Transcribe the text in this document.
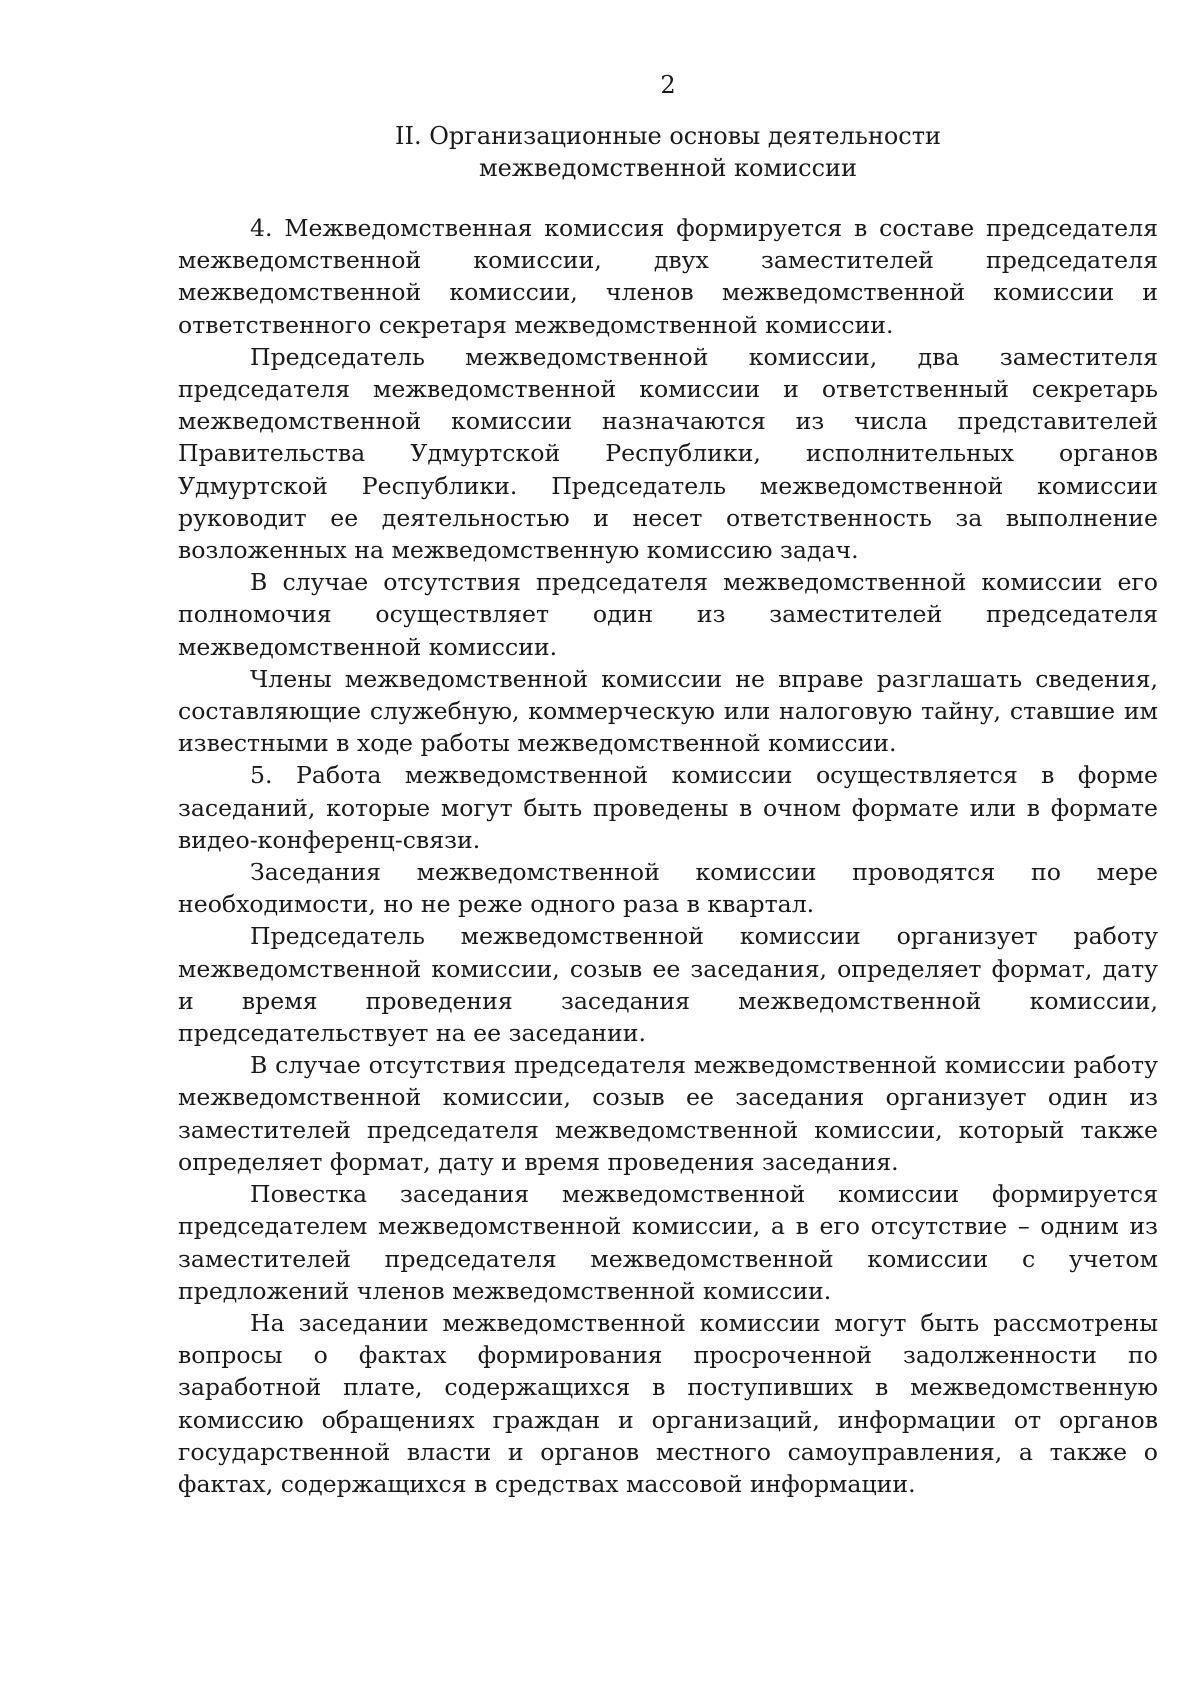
2
II. Организационные основы деятельности
межведомственной комиссии

4. Межведомственная комиссия формируется в составе председателя межведомственной комиссии, двух заместителей председателя межведомственной комиссии, членов межведомственной комиссии и ответственного секретаря межведомственной комиссии.

Председатель межведомственной комиссии, два заместителя председателя межведомственной комиссии и ответственный секретарь межведомственной комиссии назначаются из числа представителей Правительства Удмуртской Республики, исполнительных органов Удмуртской Республики. Председатель межведомственной комиссии руководит ее деятельностью и несет ответственность за выполнение возложенных на межведомственную комиссию задач.

В случае отсутствия председателя межведомственной комиссии его полномочия осуществляет один из заместителей председателя межведомственной комиссии.

Члены межведомственной комиссии не вправе разглашать сведения, составляющие служебную, коммерческую или налоговую тайну, ставшие им известными в ходе работы межведомственной комиссии.

5. Работа межведомственной комиссии осуществляется в форме заседаний, которые могут быть проведены в очном формате или в формате видео-конференц-связи.

Заседания межведомственной комиссии проводятся по мере необходимости, но не реже одного раза в квартал.

Председатель межведомственной комиссии организует работу межведомственной комиссии, созыв ее заседания, определяет формат, дату и время проведения заседания межведомственной комиссии, председательствует на ее заседании.

В случае отсутствия председателя межведомственной комиссии работу межведомственной комиссии, созыв ее заседания организует один из заместителей председателя межведомственной комиссии, который также определяет формат, дату и время проведения заседания.

Повестка заседания межведомственной комиссии формируется председателем межведомственной комиссии, а в его отсутствие – одним из заместителей председателя межведомственной комиссии с учетом предложений членов межведомственной комиссии.

На заседании межведомственной комиссии могут быть рассмотрены вопросы о фактах формирования просроченной задолженности по заработной плате, содержащихся в поступивших в межведомственную комиссию обращениях граждан и организаций, информации от органов государственной власти и органов местного самоуправления, а также о фактах, содержащихся в средствах массовой информации.
